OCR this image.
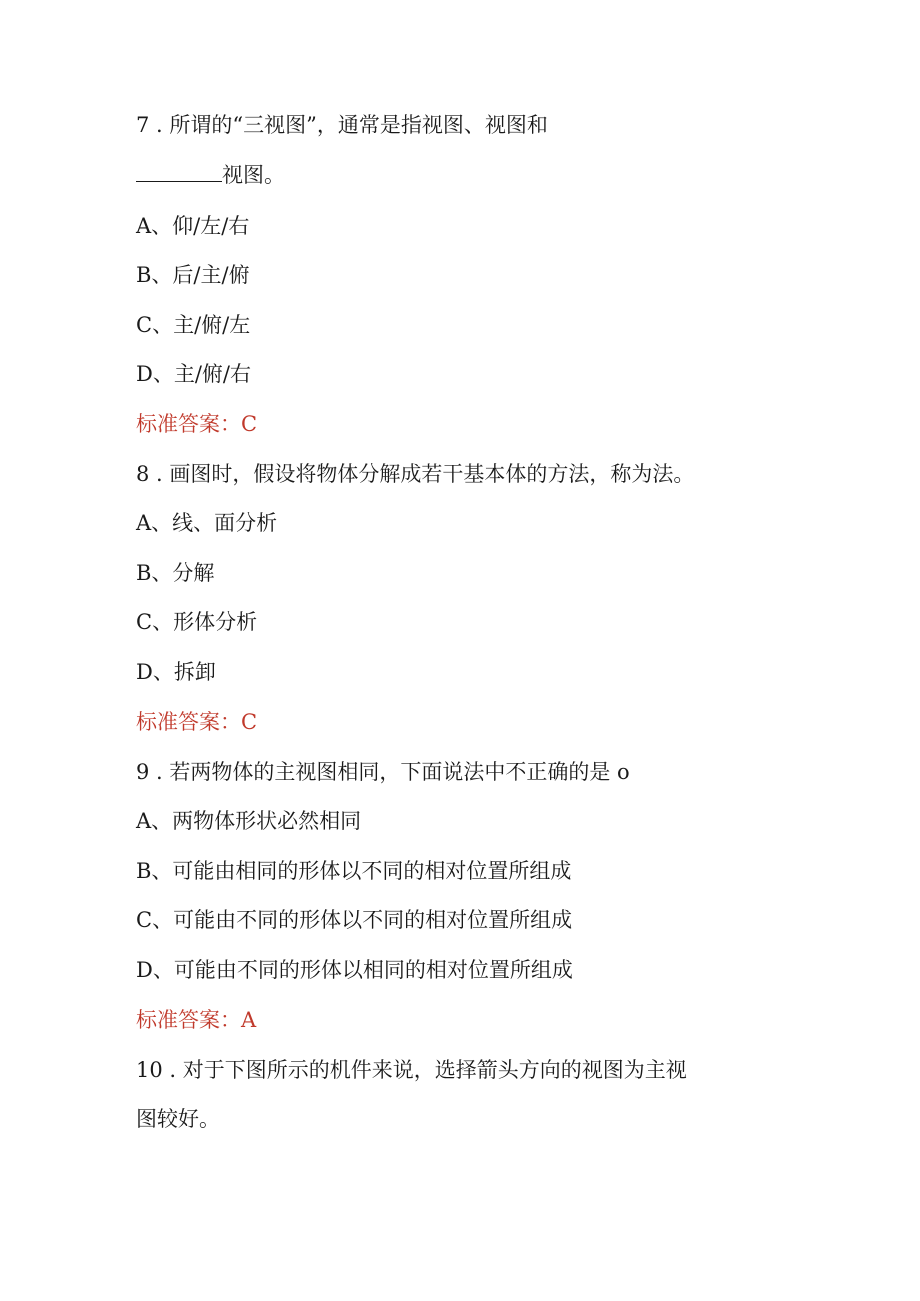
7 . 所谓的“三视图”，通常是指视图、视图和
视图。
A、仰/左/右
B、后/主/俯
C、主/俯/左
D、主/俯/右
标准答案：C
8 . 画图时，假设将物体分解成若干基本体的方法，称为法。
A、线、面分析
B、分解
C、形体分析
D、拆卸
标准答案：C
9 . 若两物体的主视图相同，下面说法中不正确的是 o
A、两物体形状必然相同
B、可能由相同的形体以不同的相对位置所组成
C、可能由不同的形体以不同的相对位置所组成
D、可能由不同的形体以相同的相对位置所组成
标准答案：A
10 . 对于下图所示的机件来说，选择箭头方向的视图为主视
图较好。
